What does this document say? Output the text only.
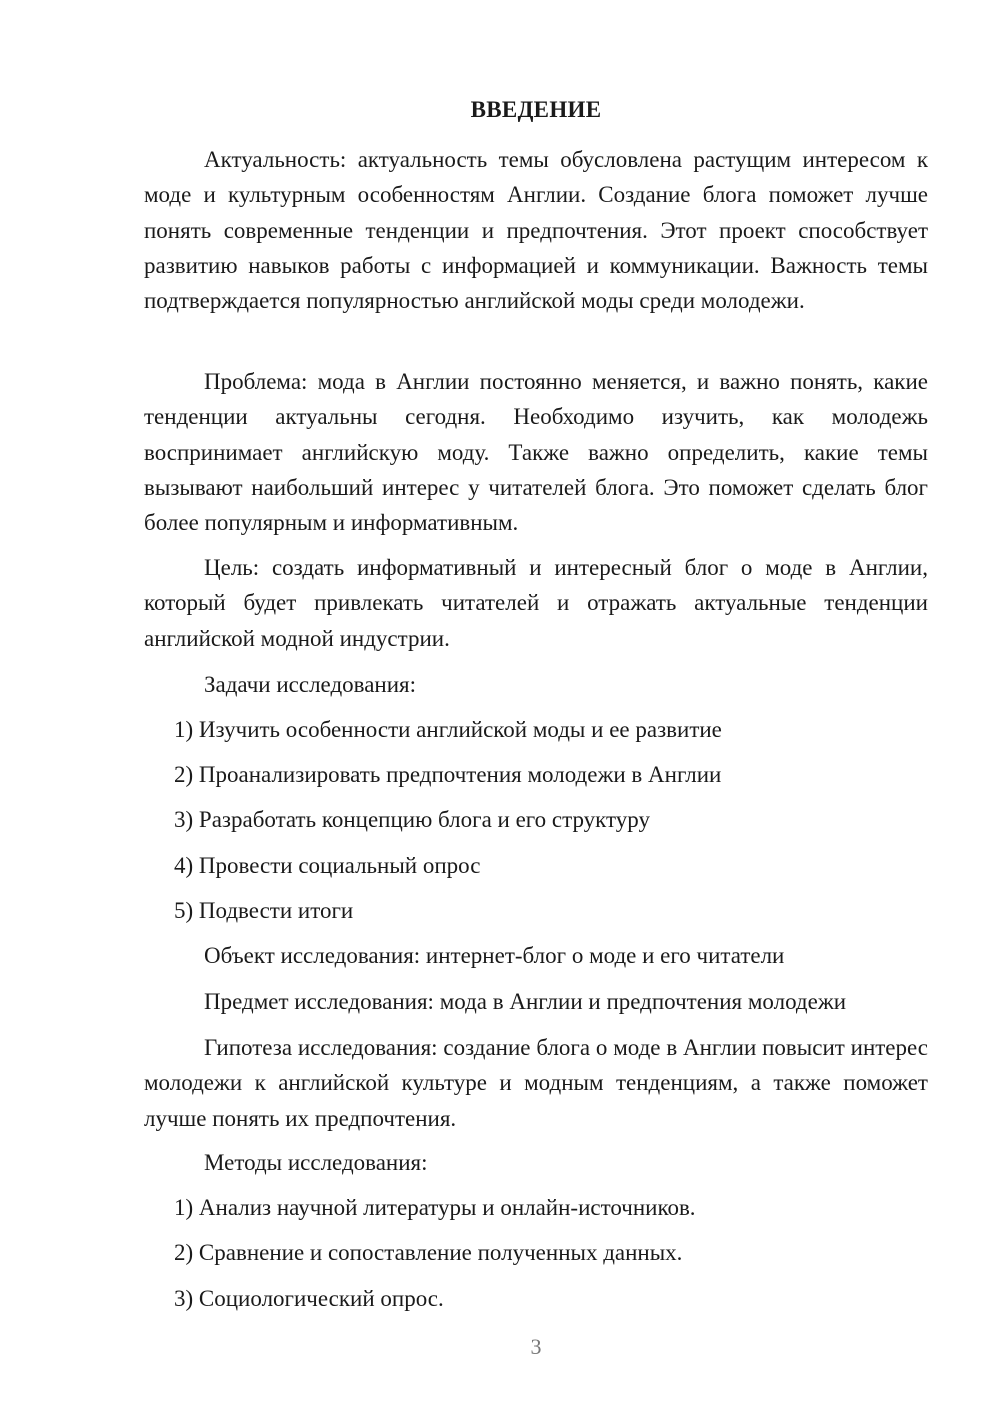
ВВЕДЕНИЕ

Актуальность: актуальность темы обусловлена растущим интересом к моде и культурным особенностям Англии. Создание блога поможет лучше понять современные тенденции и предпочтения. Этот проект способствует развитию навыков работы с информацией и коммуникации. Важность темы подтверждается популярностью английской моды среди молодежи.

Проблема: мода в Англии постоянно меняется, и важно понять, какие тенденции актуальны сегодня. Необходимо изучить, как молодежь воспринимает английскую моду. Также важно определить, какие темы вызывают наибольший интерес у читателей блога. Это поможет сделать блог более популярным и информативным.

Цель: создать информативный и интересный блог о моде в Англии, который будет привлекать читателей и отражать актуальные тенденции английской модной индустрии.

Задачи исследования:

1) Изучить особенности английской моды и ее развитие

2) Проанализировать предпочтения молодежи в Англии

3) Разработать концепцию блога и его структуру

4) Провести социальный опрос

5) Подвести итоги

Объект исследования: интернет-блог о моде и его читатели

Предмет исследования: мода в Англии и предпочтения молодежи

Гипотеза исследования: создание блога о моде в Англии повысит интерес молодежи к английской культуре и модным тенденциям, а также поможет лучше понять их предпочтения.

Методы исследования:

1) Анализ научной литературы и онлайн-источников.

2) Сравнение и сопоставление полученных данных.

3) Социологический опрос.

3
